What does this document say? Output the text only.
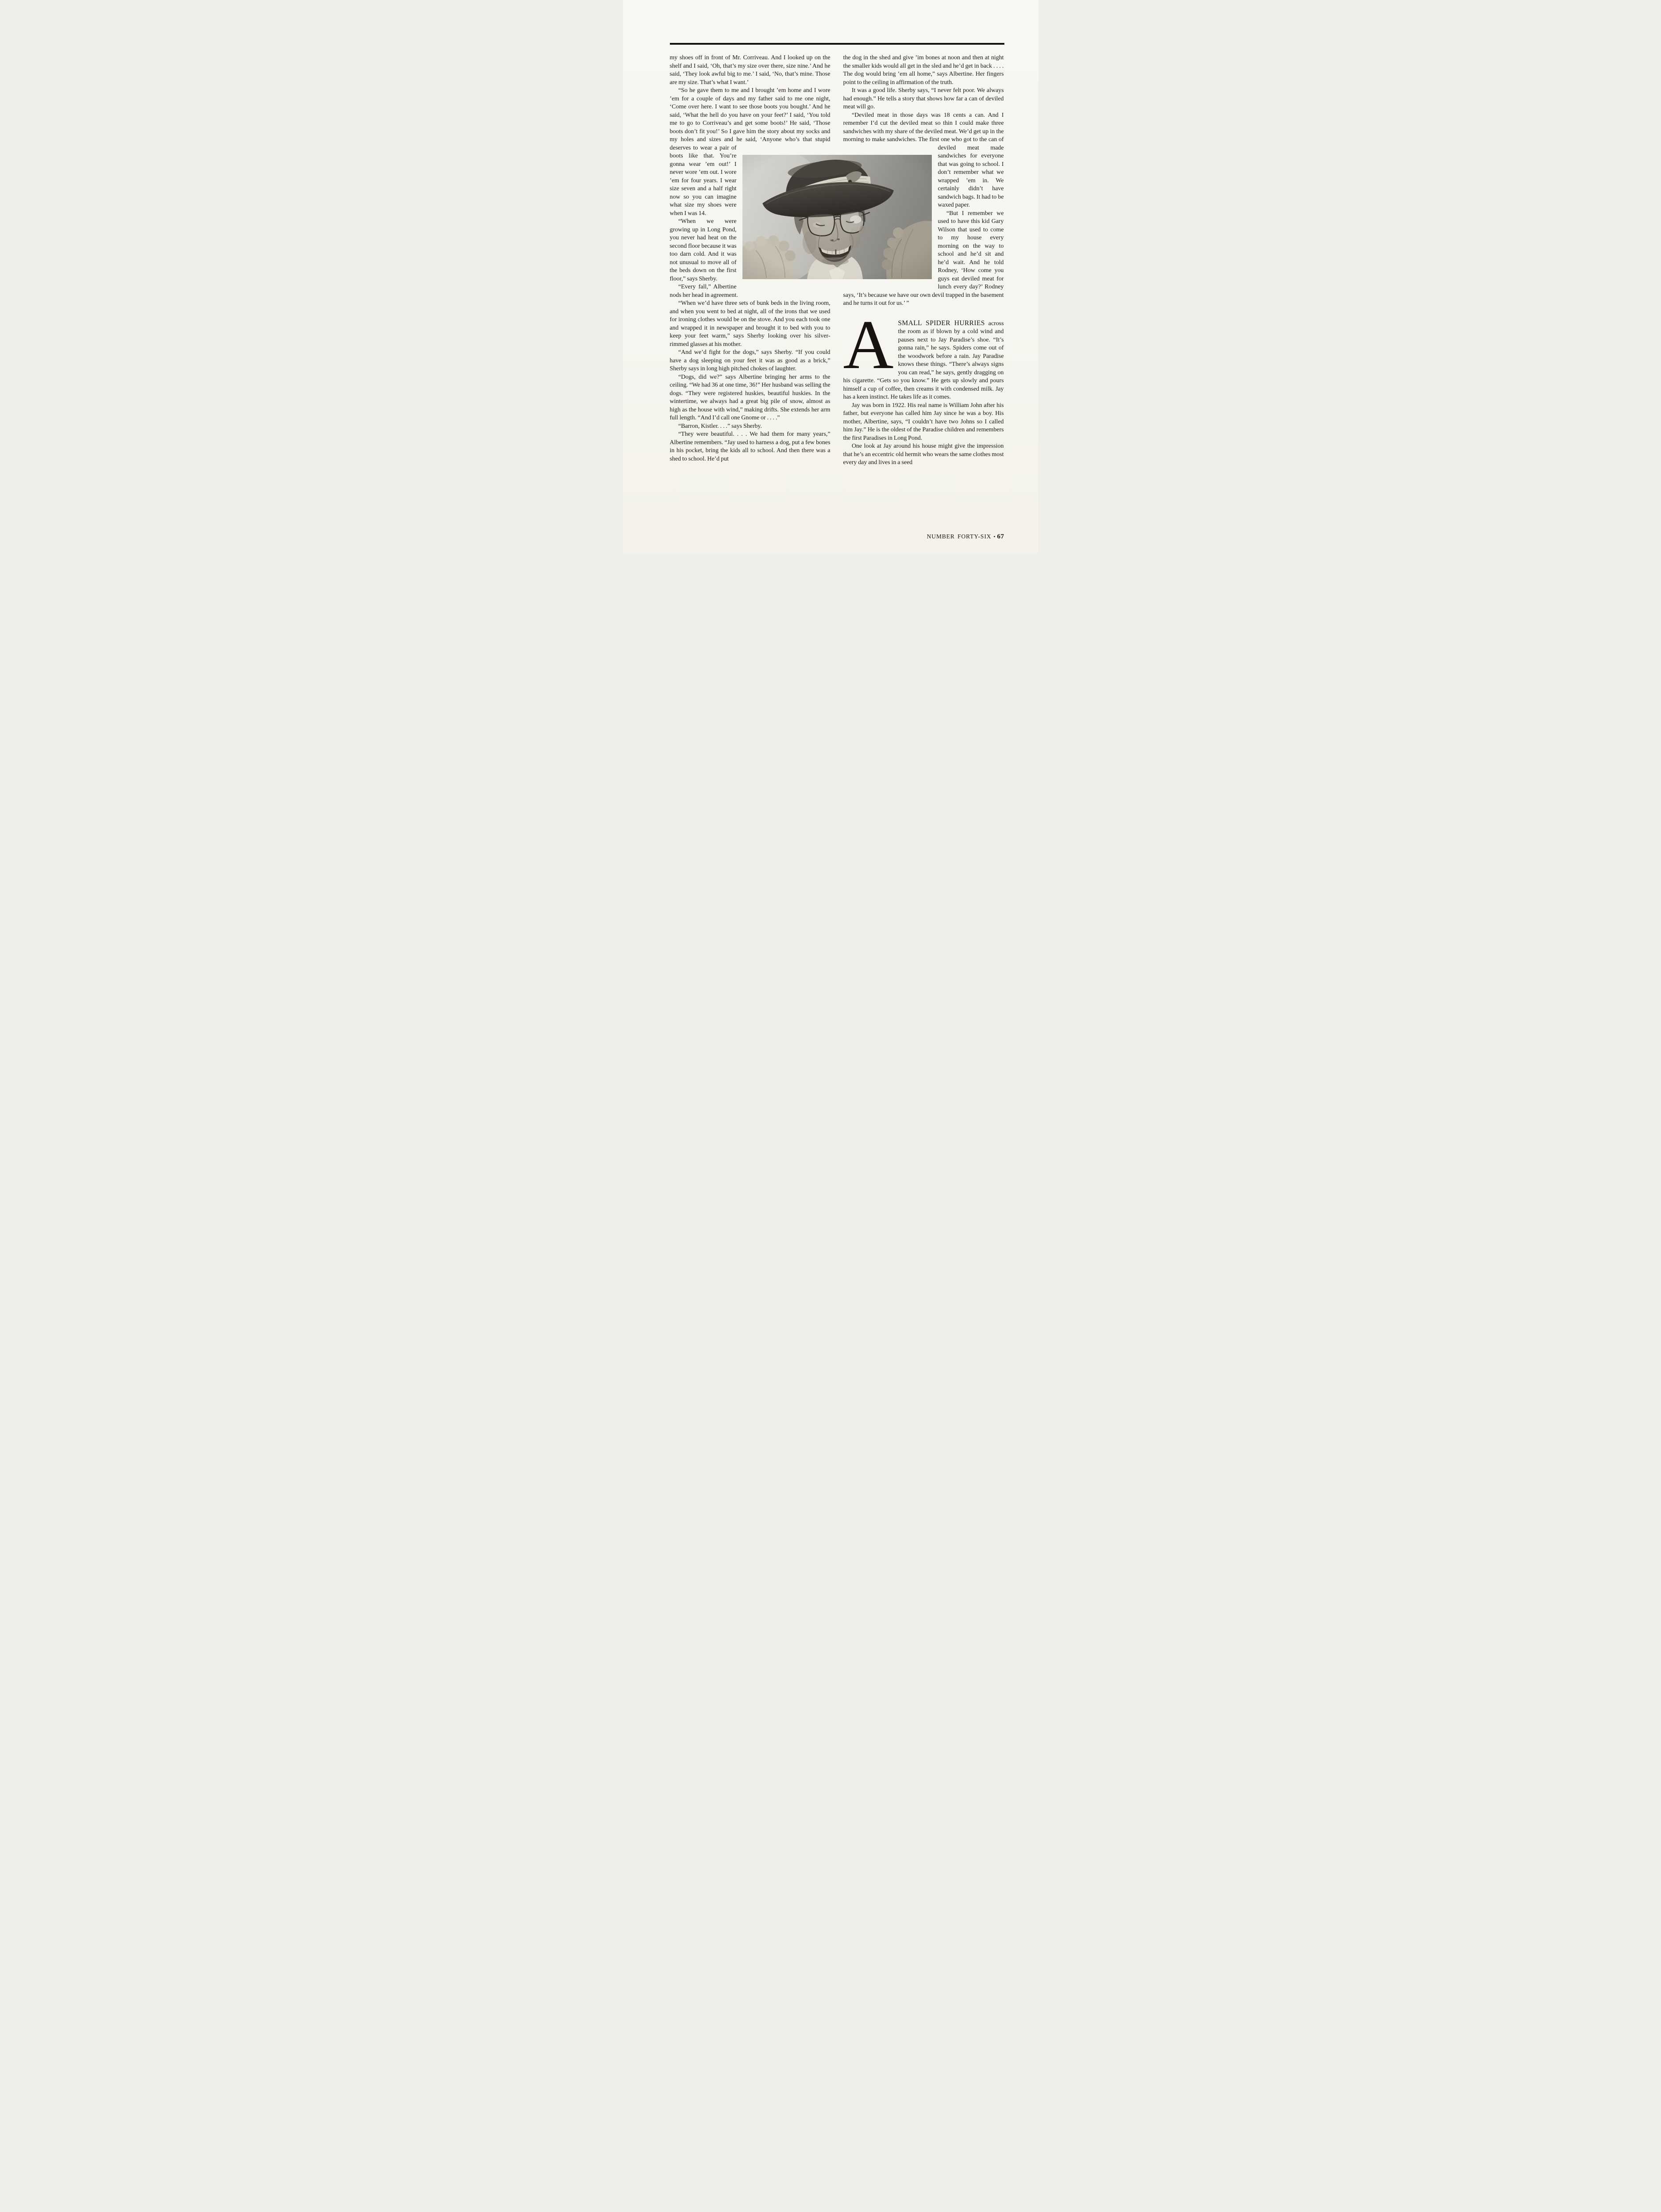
my shoes off in front of Mr. Corriveau. And I looked up on the shelf and I said, ‘Oh, that’s my size over there, size nine.’ And he said, ‘They look awful big to me.’ I said, ‘No, that’s mine. Those are my size. That’s what I want.’

“So he gave them to me and I brought ’em home and I wore ’em for a couple of days and my father said to me one night, ‘Come over here. I want to see those boots you bought.’ And he said, ‘What the hell do you have on your feet?’ I said, ‘You told me to go to Corriveau’s and get some boots!’ He said, ‘Those boots don’t fit you!’ So I gave him the story about my socks and my holes and sizes and he said, ‘Anyone who’s that stupid deserves to wear a pair of boots like that. You’re gonna wear ’em out!’ I never wore ’em out. I wore ’em for four years. I wear size seven and a half right now so you can imagine what size my shoes were when I was 14.

“When we were growing up in Long Pond, you never had heat on the second floor because it was too darn cold. And it was not unusual to move all of the beds down on the first floor,” says Sherby.

“Every fall,” Albertine nods her head in agreement.

“When we’d have three sets of bunk beds in the living room, and when you went to bed at night, all of the irons that we used for ironing clothes would be on the stove. And you each took one and wrapped it in newspaper and brought it to bed with you to keep your feet warm,” says Sherby looking over his silver-rimmed glasses at his mother.

“And we’d fight for the dogs,” says Sherby. “If you could have a dog sleeping on your feet it was as good as a brick,” Sherby says in long high pitched chokes of laughter.

“Dogs, did we?” says Albertine bringing her arms to the ceiling. “We had 36 at one time, 36!” Her husband was selling the dogs. “They were registered huskies, beautiful huskies. In the wintertime, we always had a great big pile of snow, almost as high as the house with wind,” making drifts. She extends her arm full length. “And I’d call one Gnome or . . . .”

“Barron, Kistler. . . .” says Sherby.

“They were beautiful. . . . We had them for many years,” Albertine remembers. “Jay used to harness a dog, put a few bones in his pocket, bring the kids all to school. And then there was a shed to school. He’d put

the dog in the shed and give ’im bones at noon and then at night the smaller kids would all get in the sled and he’d get in back . . . . The dog would bring ’em all home,” says Albertine. Her fingers point to the ceiling in affirmation of the truth.

It was a good life. Sherby says, “I never felt poor. We always had enough.” He tells a story that shows how far a can of deviled meat will go.

“Deviled meat in those days was 18 cents a can. And I remember I’d cut the deviled meat so thin I could make three sandwiches with my share of the deviled meat. We’d get up in the morning to make sandwiches. The first one who got to the can of deviled meat made sandwiches for everyone that was going to school. I don’t remember what we wrapped ’em in. We certainly didn’t have sandwich bags. It had to be waxed paper.

“But I remember we used to have this kid Gary Wilson that used to come to my house every morning on the way to school and he’d sit and he’d wait. And he told Rodney, ‘How come you guys eat deviled meat for lunch every day?’ Rodney says, ‘It’s because we have our own devil trapped in the basement and he turns it out for us.’ ”

ASMALL SPIDER HURRIES across the room as if blown by a cold wind and pauses next to Jay Paradise’s shoe. “It’s gonna rain,” he says. Spiders come out of the woodwork before a rain. Jay Paradise knows these things. “There’s always signs you can read,” he says, gently dragging on his cigarette. “Gets so you know.” He gets up slowly and pours himself a cup of coffee, then creams it with condensed milk. Jay has a keen instinct. He takes life as it comes.

Jay was born in 1922. His real name is William John after his father, but everyone has called him Jay since he was a boy. His mother, Albertine, says, “I couldn’t have two Johns so I called him Jay.” He is the oldest of the Paradise children and remembers the first Paradises in Long Pond.

One look at Jay around his house might give the impression that he’s an eccentric old hermit who wears the same clothes most every day and lives in a seed

NUMBER FORTY-SIX • 67
